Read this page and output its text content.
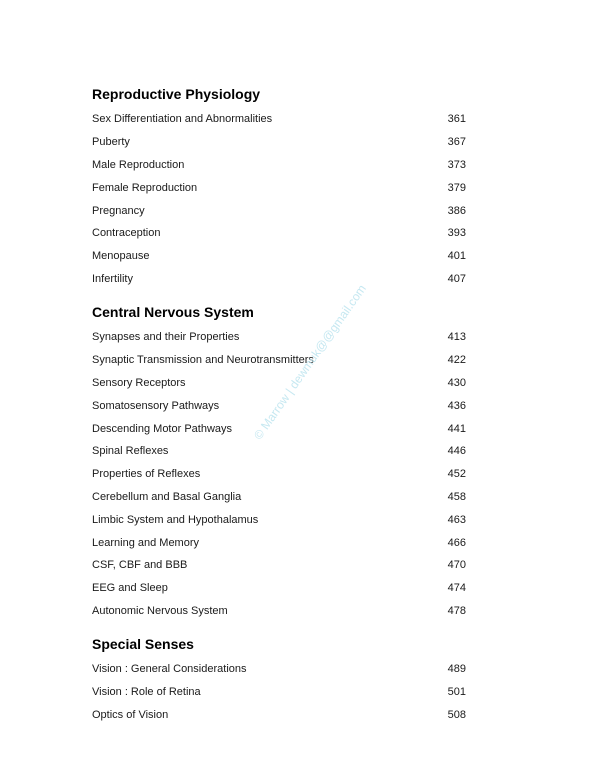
Reproductive Physiology
Sex Differentiation and Abnormalities	361
Puberty	367
Male Reproduction	373
Female Reproduction	379
Pregnancy	386
Contraception	393
Menopause	401
Infertility	407
Central Nervous System
Synapses and their Properties	413
Synaptic Transmission and Neurotransmitters	422
Sensory Receptors	430
Somatosensory Pathways	436
Descending Motor Pathways	441
Spinal Reflexes	446
Properties of Reflexes	452
Cerebellum and Basal Ganglia	458
Limbic System and Hypothalamus	463
Learning and Memory	466
CSF, CBF and BBB	470
EEG and Sleep	474
Autonomic Nervous System	478
Special Senses
Vision : General Considerations	489
Vision : Role of Retina	501
Optics of Vision	508
© Marrow | dewmuk@@gmail.com
